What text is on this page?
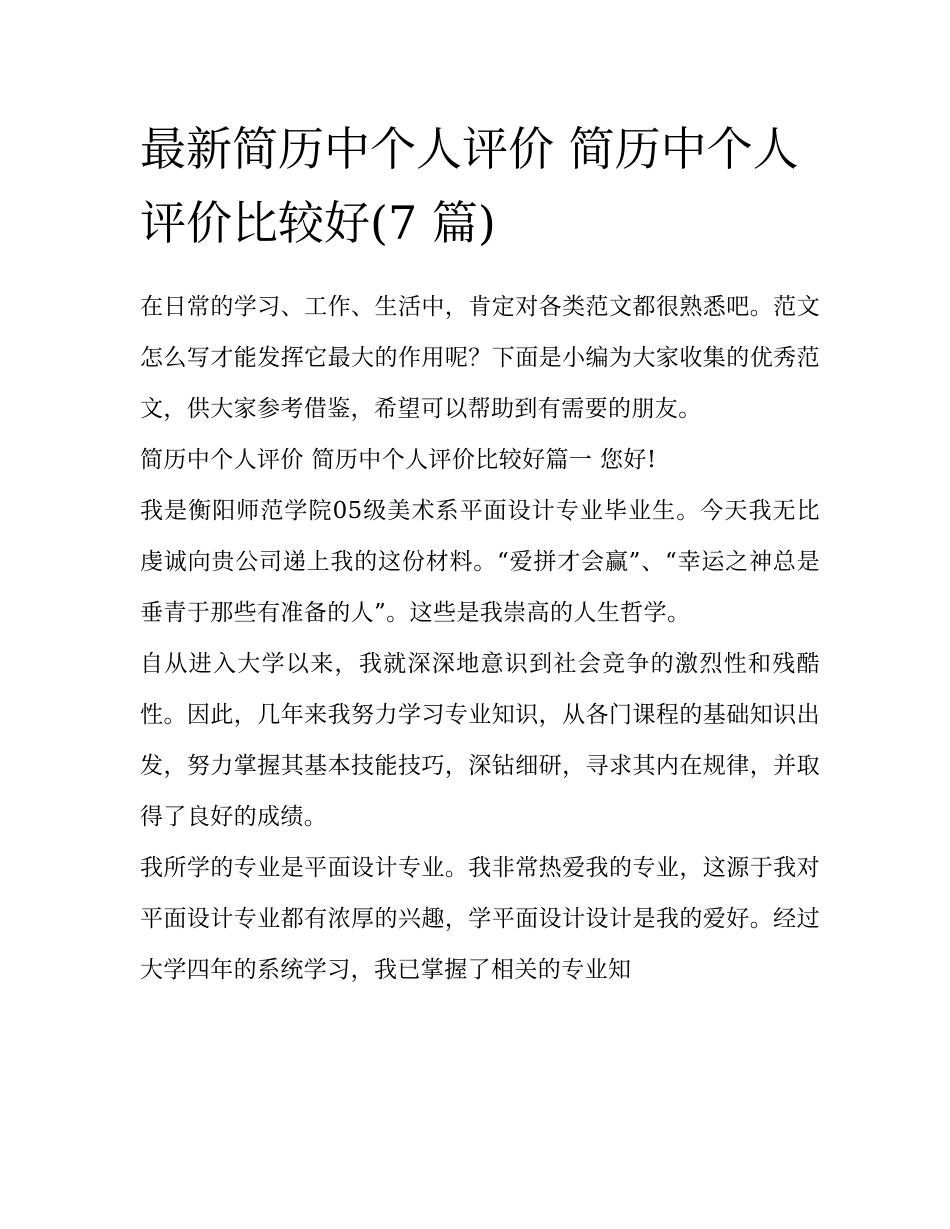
最新简历中个人评价 简历中个人评价比较好(7 篇)

在日常的学习、工作、生活中，肯定对各类范文都很熟悉吧。范文怎么写才能发挥它最大的作用呢？下面是小编为大家收集的优秀范文，供大家参考借鉴，希望可以帮助到有需要的朋友。

简历中个人评价 简历中个人评价比较好篇一 您好!

我是衡阳师范学院05级美术系平面设计专业毕业生。今天我无比虔诚向贵公司递上我的这份材料。“爱拼才会赢”、“幸运之神总是垂青于那些有准备的人”。这些是我崇高的人生哲学。

自从进入大学以来，我就深深地意识到社会竞争的激烈性和残酷性。因此，几年来我努力学习专业知识，从各门课程的基础知识出发，努力掌握其基本技能技巧，深钻细研，寻求其内在规律，并取得了良好的成绩。

我所学的专业是平面设计专业。我非常热爱我的专业，这源于我对平面设计专业都有浓厚的兴趣，学平面设计设计是我的爱好。经过大学四年的系统学习，我已掌握了相关的专业知
